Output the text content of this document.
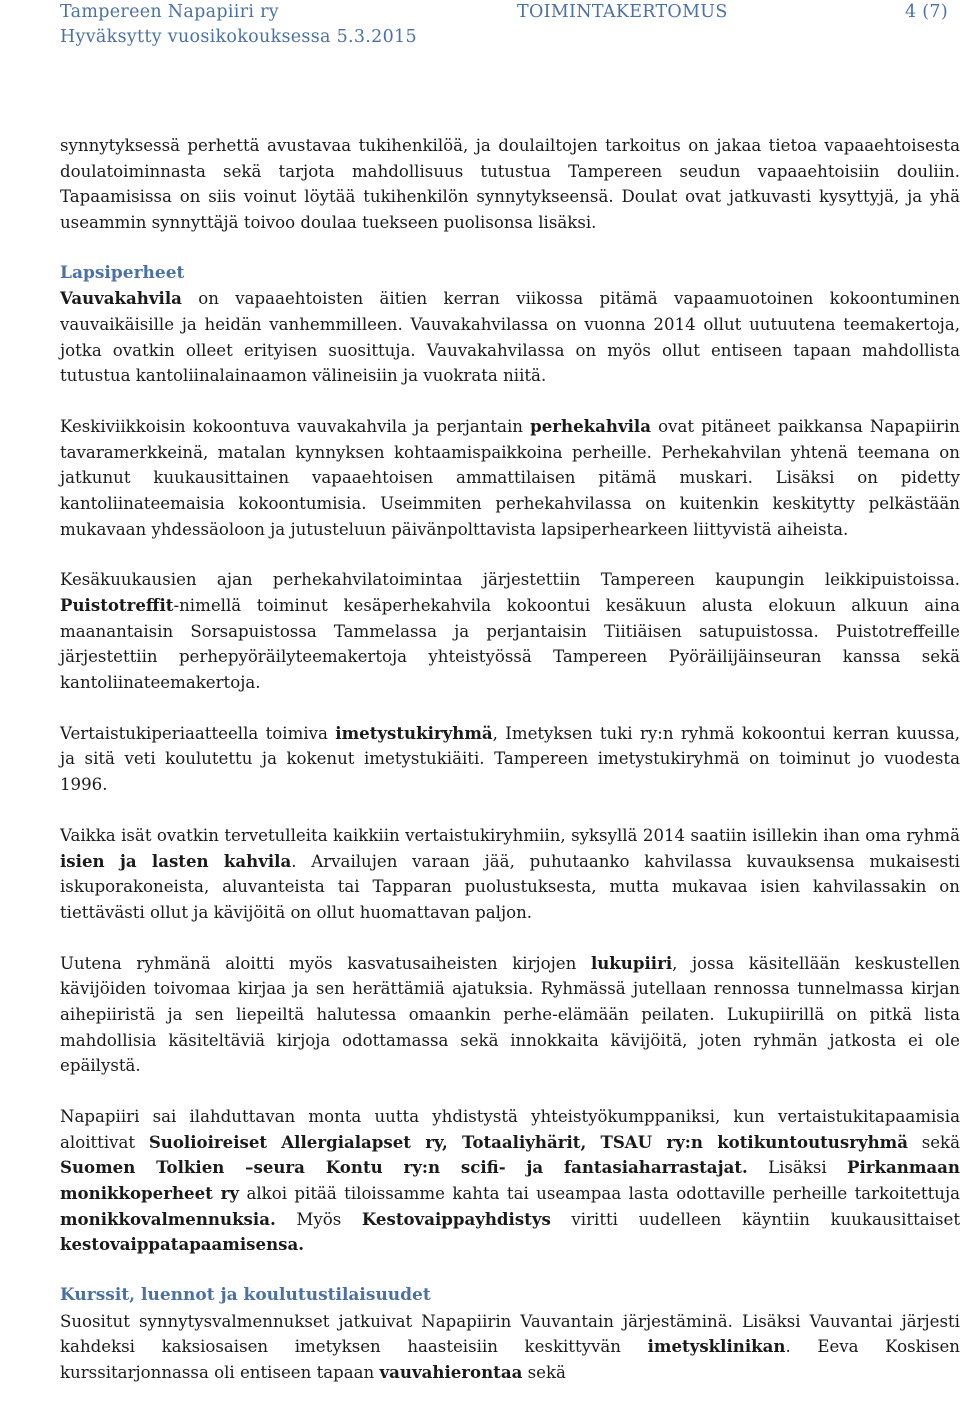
Tampereen Napapiiri ry	TOIMINTAKERTOMUS	4 (7)
Hyväksytty vuosikokouksessa 5.3.2015

synnytyksessä perhettä avustavaa tukihenkilöä, ja doulailtojen tarkoitus on jakaa tietoa vapaaehtoisesta doulatoiminnasta sekä tarjota mahdollisuus tutustua Tampereen seudun vapaaehtoisiin douliin. Tapaamisissa on siis voinut löytää tukihenkilön synnytykseensä. Doulat ovat jatkuvasti kysyttyjä, ja yhä useammin synnyttäjä toivoo doulaa tuekseen puolisonsa lisäksi.

Lapsiperheet

Vauvakahvila on vapaaehtoisten äitien kerran viikossa pitämä vapaamuotoinen kokoontuminen vauvaikäisille ja heidän vanhemmilleen. Vauvakahvilassa on vuonna 2014 ollut uutuutena teemakertoja, jotka ovatkin olleet erityisen suosittuja. Vauvakahvilassa on myös ollut entiseen tapaan mahdollista tutustua kantoliinalainaamon välineisiin ja vuokrata niitä.

Keskiviikkoisin kokoontuva vauvakahvila ja perjantain perhekahvila ovat pitäneet paikkansa Napapiirin tavaramerkkeinä, matalan kynnyksen kohtaamispaikkoina perheille. Perhekahvilan yhtenä teemana on jatkunut kuukausittainen vapaaehtoisen ammattilaisen pitämä muskari. Lisäksi on pidetty kantoliinateemaisia kokoontumisia. Useimmiten perhekahvilassa on kuitenkin keskitytty pelkästään mukavaan yhdessäoloon ja jutusteluun päivänpolttavista lapsiperhearkeen liittyvistä aiheista.

Kesäkuukausien ajan perhekahvilatoimintaa järjestettiin Tampereen kaupungin leikkipuistoissa. Puistotreffit-nimellä toiminut kesäperhekahvila kokoontui kesäkuun alusta elokuun alkuun aina maanantaisin Sorsapuistossa Tammelassa ja perjantaisin Tiitiäisen satupuistossa. Puistotreffeille järjestettiin perhepyöräilyteemakertoja yhteistyössä Tampereen Pyöräilijäinseuran kanssa sekä kantoliinateemakertoja.

Vertaistukiperiaatteella toimiva imetystukiryhmä, Imetyksen tuki ry:n ryhmä kokoontui kerran kuussa, ja sitä veti koulutettu ja kokenut imetystukiäiti. Tampereen imetystukiryhmä on toiminut jo vuodesta 1996.

Vaikka isät ovatkin tervetulleita kaikkiin vertaistukiryhmiin, syksyllä 2014 saatiin isillekin ihan oma ryhmä isien ja lasten kahvila. Arvailujen varaan jää, puhutaanko kahvilassa kuvauksensa mukaisesti iskuporakoneista, aluvanteista tai Tapparan puolustuksesta, mutta mukavaa isien kahvilassakin on tiettävästi ollut ja kävijöitä on ollut huomattavan paljon.

Uutena ryhmänä aloitti myös kasvatusaiheisten kirjojen lukupiiri, jossa käsitellään keskustellen kävijöiden toivomaa kirjaa ja sen herättämiä ajatuksia. Ryhmässä jutellaan rennossa tunnelmassa kirjan aihepiiristä ja sen liepeiltä halutessa omaankin perhe-elämään peilaten. Lukupiirillä on pitkä lista mahdollisia käsiteltäviä kirjoja odottamassa sekä innokkaita kävijöitä, joten ryhmän jatkosta ei ole epäilystä.

Napapiiri sai ilahduttavan monta uutta yhdistystä yhteistyökumppaniksi, kun vertaistukitapaamisia aloittivat Suolioireiset Allergialapset ry, Totaaliyhärit, TSAU ry:n kotikuntoutusryhmä sekä Suomen Tolkien –seura Kontu ry:n scifi- ja fantasiaharrastajat. Lisäksi Pirkanmaan monikkoperheet ry alkoi pitää tiloissamme kahta tai useampaa lasta odottaville perheille tarkoitettuja monikkovalmennuksia. Myös Kestovaippayhdistys viritti uudelleen käyntiin kuukausittaiset kestovaippatapaamisensa.

Kurssit, luennot ja koulutustilaisuudet

Suositut synnytysvalmennukset jatkuivat Napapiirin Vauvantain järjestäminä. Lisäksi Vauvantai järjesti kahdeksi kaksiosaisen imetyksen haasteisiin keskittyvän imetysklinikan. Eeva Koskisen kurssitarjonnassa oli entiseen tapaan vauvahierontaa sekä
